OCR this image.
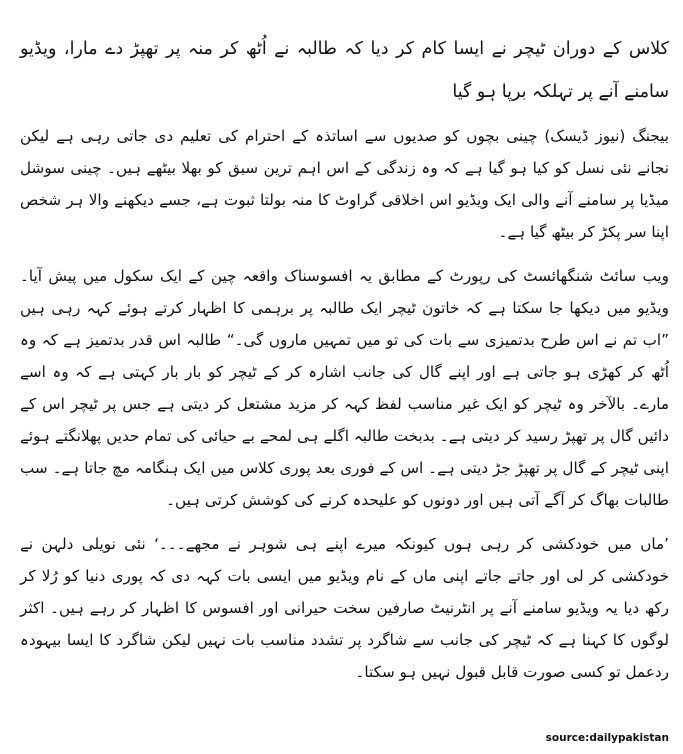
کلاس کے دوران ٹیچر نے ایسا کام کر دیا کہ طالبہ نے اُٹھ کر منہ پر تھپڑ دے مارا، ویڈیو سامنے آنے پر تہلکہ برپا ہو گیا

بیجنگ (نیوز ڈیسک) چینی بچوں کو صدیوں سے اساتذہ کے احترام کی تعلیم دی جاتی رہی ہے لیکن نجانے نئی نسل کو کیا ہو گیا ہے کہ وہ زندگی کے اس اہم ترین سبق کو بھلا بیٹھے ہیں۔ چینی سوشل میڈیا پر سامنے آنے والی ایک ویڈیو اس اخلاقی گراوٹ کا منہ بولتا ثبوت ہے، جسے دیکھنے والا ہر شخص اپنا سر پکڑ کر بیٹھ گیا ہے۔

ویب سائٹ شنگھائسٹ کی رپورٹ کے مطابق یہ افسوسناک واقعہ چین کے ایک سکول میں پیش آیا۔ ویڈیو میں دیکھا جا سکتا ہے کہ خاتون ٹیچر ایک طالبہ پر برہمی کا اظہار کرتے ہوئے کہہ رہی ہیں ”اب تم نے اس طرح بدتمیزی سے بات کی تو میں تمہیں ماروں گی۔“ طالبہ اس قدر بدتمیز ہے کہ وہ اُٹھ کر کھڑی ہو جاتی ہے اور اپنے گال کی جانب اشارہ کر کے ٹیچر کو بار بار کہتی ہے کہ وہ اسے مارے۔ بالآخر وہ ٹیچر کو ایک غیر مناسب لفظ کہہ کر مزید مشتعل کر دیتی ہے جس پر ٹیچر اس کے دائیں گال پر تھپڑ رسید کر دیتی ہے۔ بدبخت طالبہ اگلے ہی لمحے بے حیائی کی تمام حدیں پھلانگتے ہوئے اپنی ٹیچر کے گال پر تھپڑ جڑ دیتی ہے۔ اس کے فوری بعد پوری کلاس میں ایک ہنگامہ مچ جاتا ہے۔ سب طالبات بھاگ کر آگے آتی ہیں اور دونوں کو علیحدہ کرنے کی کوشش کرتی ہیں۔

’ماں میں خودکشی کر رہی ہوں کیونکہ میرے اپنے ہی شوہر نے مجھے۔۔۔‘ نئی نویلی دلہن نے خودکشی کر لی اور جاتے جاتے اپنی ماں کے نام ویڈیو میں ایسی بات کہہ دی کہ پوری دنیا کو رُلا کر رکھ دیا یہ ویڈیو سامنے آنے پر انٹرنیٹ صارفین سخت حیرانی اور افسوس کا اظہار کر رہے ہیں۔ اکثر لوگوں کا کہنا ہے کہ ٹیچر کی جانب سے شاگرد پر تشدد مناسب بات نہیں لیکن شاگرد کا ایسا بیہودہ ردعمل تو کسی صورت قابل قبول نہیں ہو سکتا۔

source:dailypakistan
